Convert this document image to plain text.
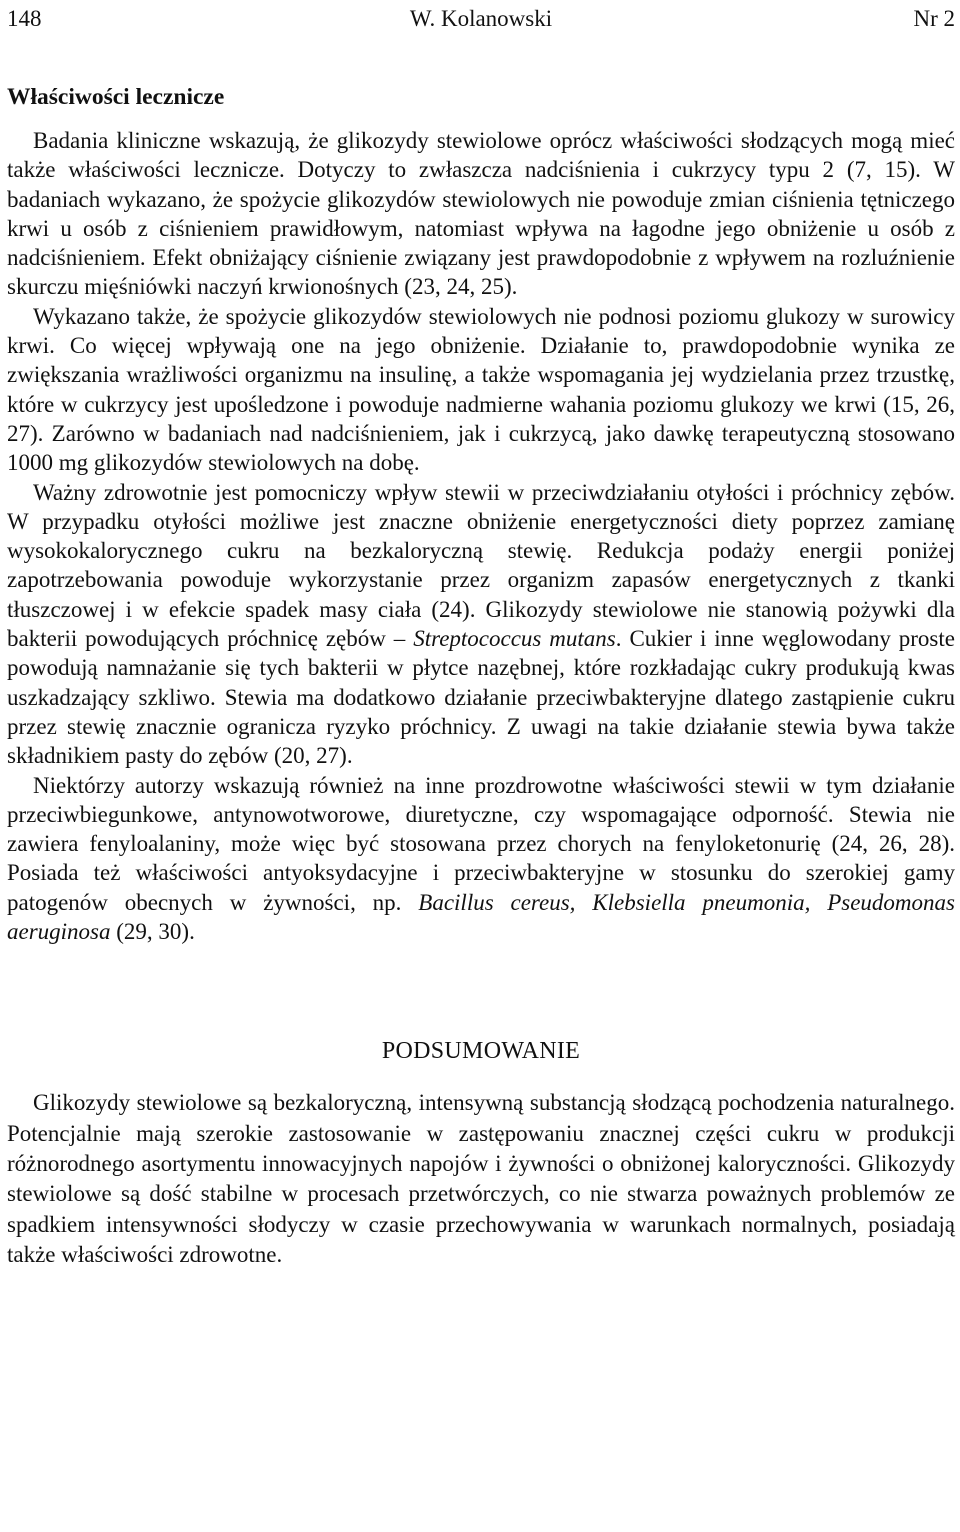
148	W. Kolanowski	Nr 2
Właściwości lecznicze

Badania kliniczne wskazują, że glikozydy stewiolowe oprócz właściwości słodzących mogą mieć także właściwości lecznicze. Dotyczy to zwłaszcza nadciśnienia i cukrzycy typu 2 (7, 15). W badaniach wykazano, że spożycie glikozydów stewiolowych nie powoduje zmian ciśnienia tętniczego krwi u osób z ciśnieniem prawidłowym, natomiast wpływa na łagodne jego obniżenie u osób z nadciśnieniem. Efekt obniżający ciśnienie związany jest prawdopodobnie z wpływem na rozluźnienie skurczu mięśniówki naczyń krwionośnych (23, 24, 25).

Wykazano także, że spożycie glikozydów stewiolowych nie podnosi poziomu glukozy w surowicy krwi. Co więcej wpływają one na jego obniżenie. Działanie to, prawdopodobnie wynika ze zwiększania wrażliwości organizmu na insulinę, a także wspomagania jej wydzielania przez trzustkę, które w cukrzycy jest upośledzone i powoduje nadmierne wahania poziomu glukozy we krwi (15, 26, 27). Zarówno w badaniach nad nadciśnieniem, jak i cukrzycą, jako dawkę terapeutyczną stosowano 1000 mg glikozydów stewiolowych na dobę.

Ważny zdrowotnie jest pomocniczy wpływ stewii w przeciwdziałaniu otyłości i próchnicy zębów. W przypadku otyłości możliwe jest znaczne obniżenie energetyczności diety poprzez zamianę wysokokalorycznego cukru na bezkaloryczną stewię. Redukcja podaży energii poniżej zapotrzebowania powoduje wykorzystanie przez organizm zapasów energetycznych z tkanki tłuszczowej i w efekcie spadek masy ciała (24). Glikozydy stewiolowe nie stanowią pożywki dla bakterii powodujących próchnicę zębów – Streptococcus mutans. Cukier i inne węglowodany proste powodują namnażanie się tych bakterii w płytce nazębnej, które rozkładając cukry produkują kwas uszkadzający szkliwo. Stewia ma dodatkowo działanie przeciwbakteryjne dlatego zastąpienie cukru przez stewię znacznie ogranicza ryzyko próchnicy. Z uwagi na takie działanie stewia bywa także składnikiem pasty do zębów (20, 27).

Niektórzy autorzy wskazują również na inne prozdrowotne właściwości stewii w tym działanie przeciwbiegunkowe, antynowotworowe, diuretyczne, czy wspomagające odporność. Stewia nie zawiera fenyloalaniny, może więc być stosowana przez chorych na fenyloketonurię (24, 26, 28). Posiada też właściwości antyoksydacyjne i przeciwbakteryjne w stosunku do szerokiej gamy patogenów obecnych w żywności, np. Bacillus cereus, Klebsiella pneumonia, Pseudomonas aeruginosa (29, 30).

PODSUMOWANIE

Glikozydy stewiolowe są bezkaloryczną, intensywną substancją słodzącą pochodzenia naturalnego. Potencjalnie mają szerokie zastosowanie w zastępowaniu znacznej części cukru w produkcji różnorodnego asortymentu innowacyjnych napojów i żywności o obniżonej kaloryczności. Glikozydy stewiolowe są dość stabilne w procesach przetwórczych, co nie stwarza poważnych problemów ze spadkiem intensywności słodyczy w czasie przechowywania w warunkach normalnych, posiadają także właściwości zdrowotne.
